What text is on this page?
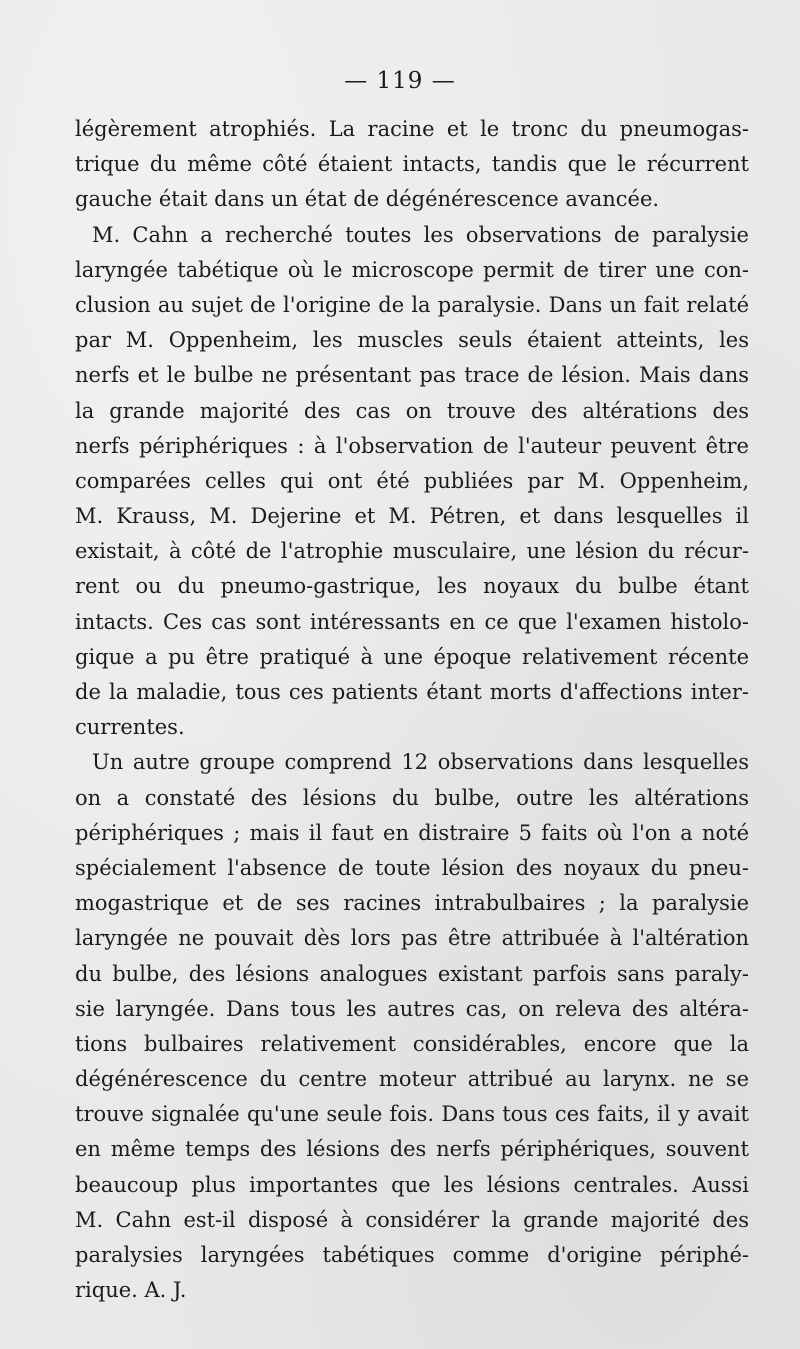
— 119 —
légèrement atrophiés. La racine et le tronc du pneumogas-
trique du même côté étaient intacts, tandis que le récurrent
gauche était dans un état de dégénérescence avancée.
M. Cahn a recherché toutes les observations de paralysie
laryngée tabétique où le microscope permit de tirer une con-
clusion au sujet de l'origine de la paralysie. Dans un fait relaté
par M. Oppenheim, les muscles seuls étaient atteints, les
nerfs et le bulbe ne présentant pas trace de lésion. Mais dans
la grande majorité des cas on trouve des altérations des
nerfs périphériques : à l'observation de l'auteur peuvent être
comparées celles qui ont été publiées par M. Oppenheim,
M. Krauss, M. Dejerine et M. Pétren, et dans lesquelles il
existait, à côté de l'atrophie musculaire, une lésion du récur-
rent ou du pneumo-gastrique, les noyaux du bulbe étant
intacts. Ces cas sont intéressants en ce que l'examen histolo-
gique a pu être pratiqué à une époque relativement récente
de la maladie, tous ces patients étant morts d'affections inter-
currentes.
Un autre groupe comprend 12 observations dans lesquelles
on a constaté des lésions du bulbe, outre les altérations
périphériques ; mais il faut en distraire 5 faits où l'on a noté
spécialement l'absence de toute lésion des noyaux du pneu-
mogastrique et de ses racines intrabulbaires ; la paralysie
laryngée ne pouvait dès lors pas être attribuée à l'altération
du bulbe, des lésions analogues existant parfois sans paraly-
sie laryngée. Dans tous les autres cas, on releva des altéra-
tions bulbaires relativement considérables, encore que la
dégénérescence du centre moteur attribué au larynx. ne se
trouve signalée qu'une seule fois. Dans tous ces faits, il y avait
en même temps des lésions des nerfs périphériques, souvent
beaucoup plus importantes que les lésions centrales. Aussi
M. Cahn est-il disposé à considérer la grande majorité des
paralysies laryngées tabétiques comme d'origine périphé-
rique. A. J.
